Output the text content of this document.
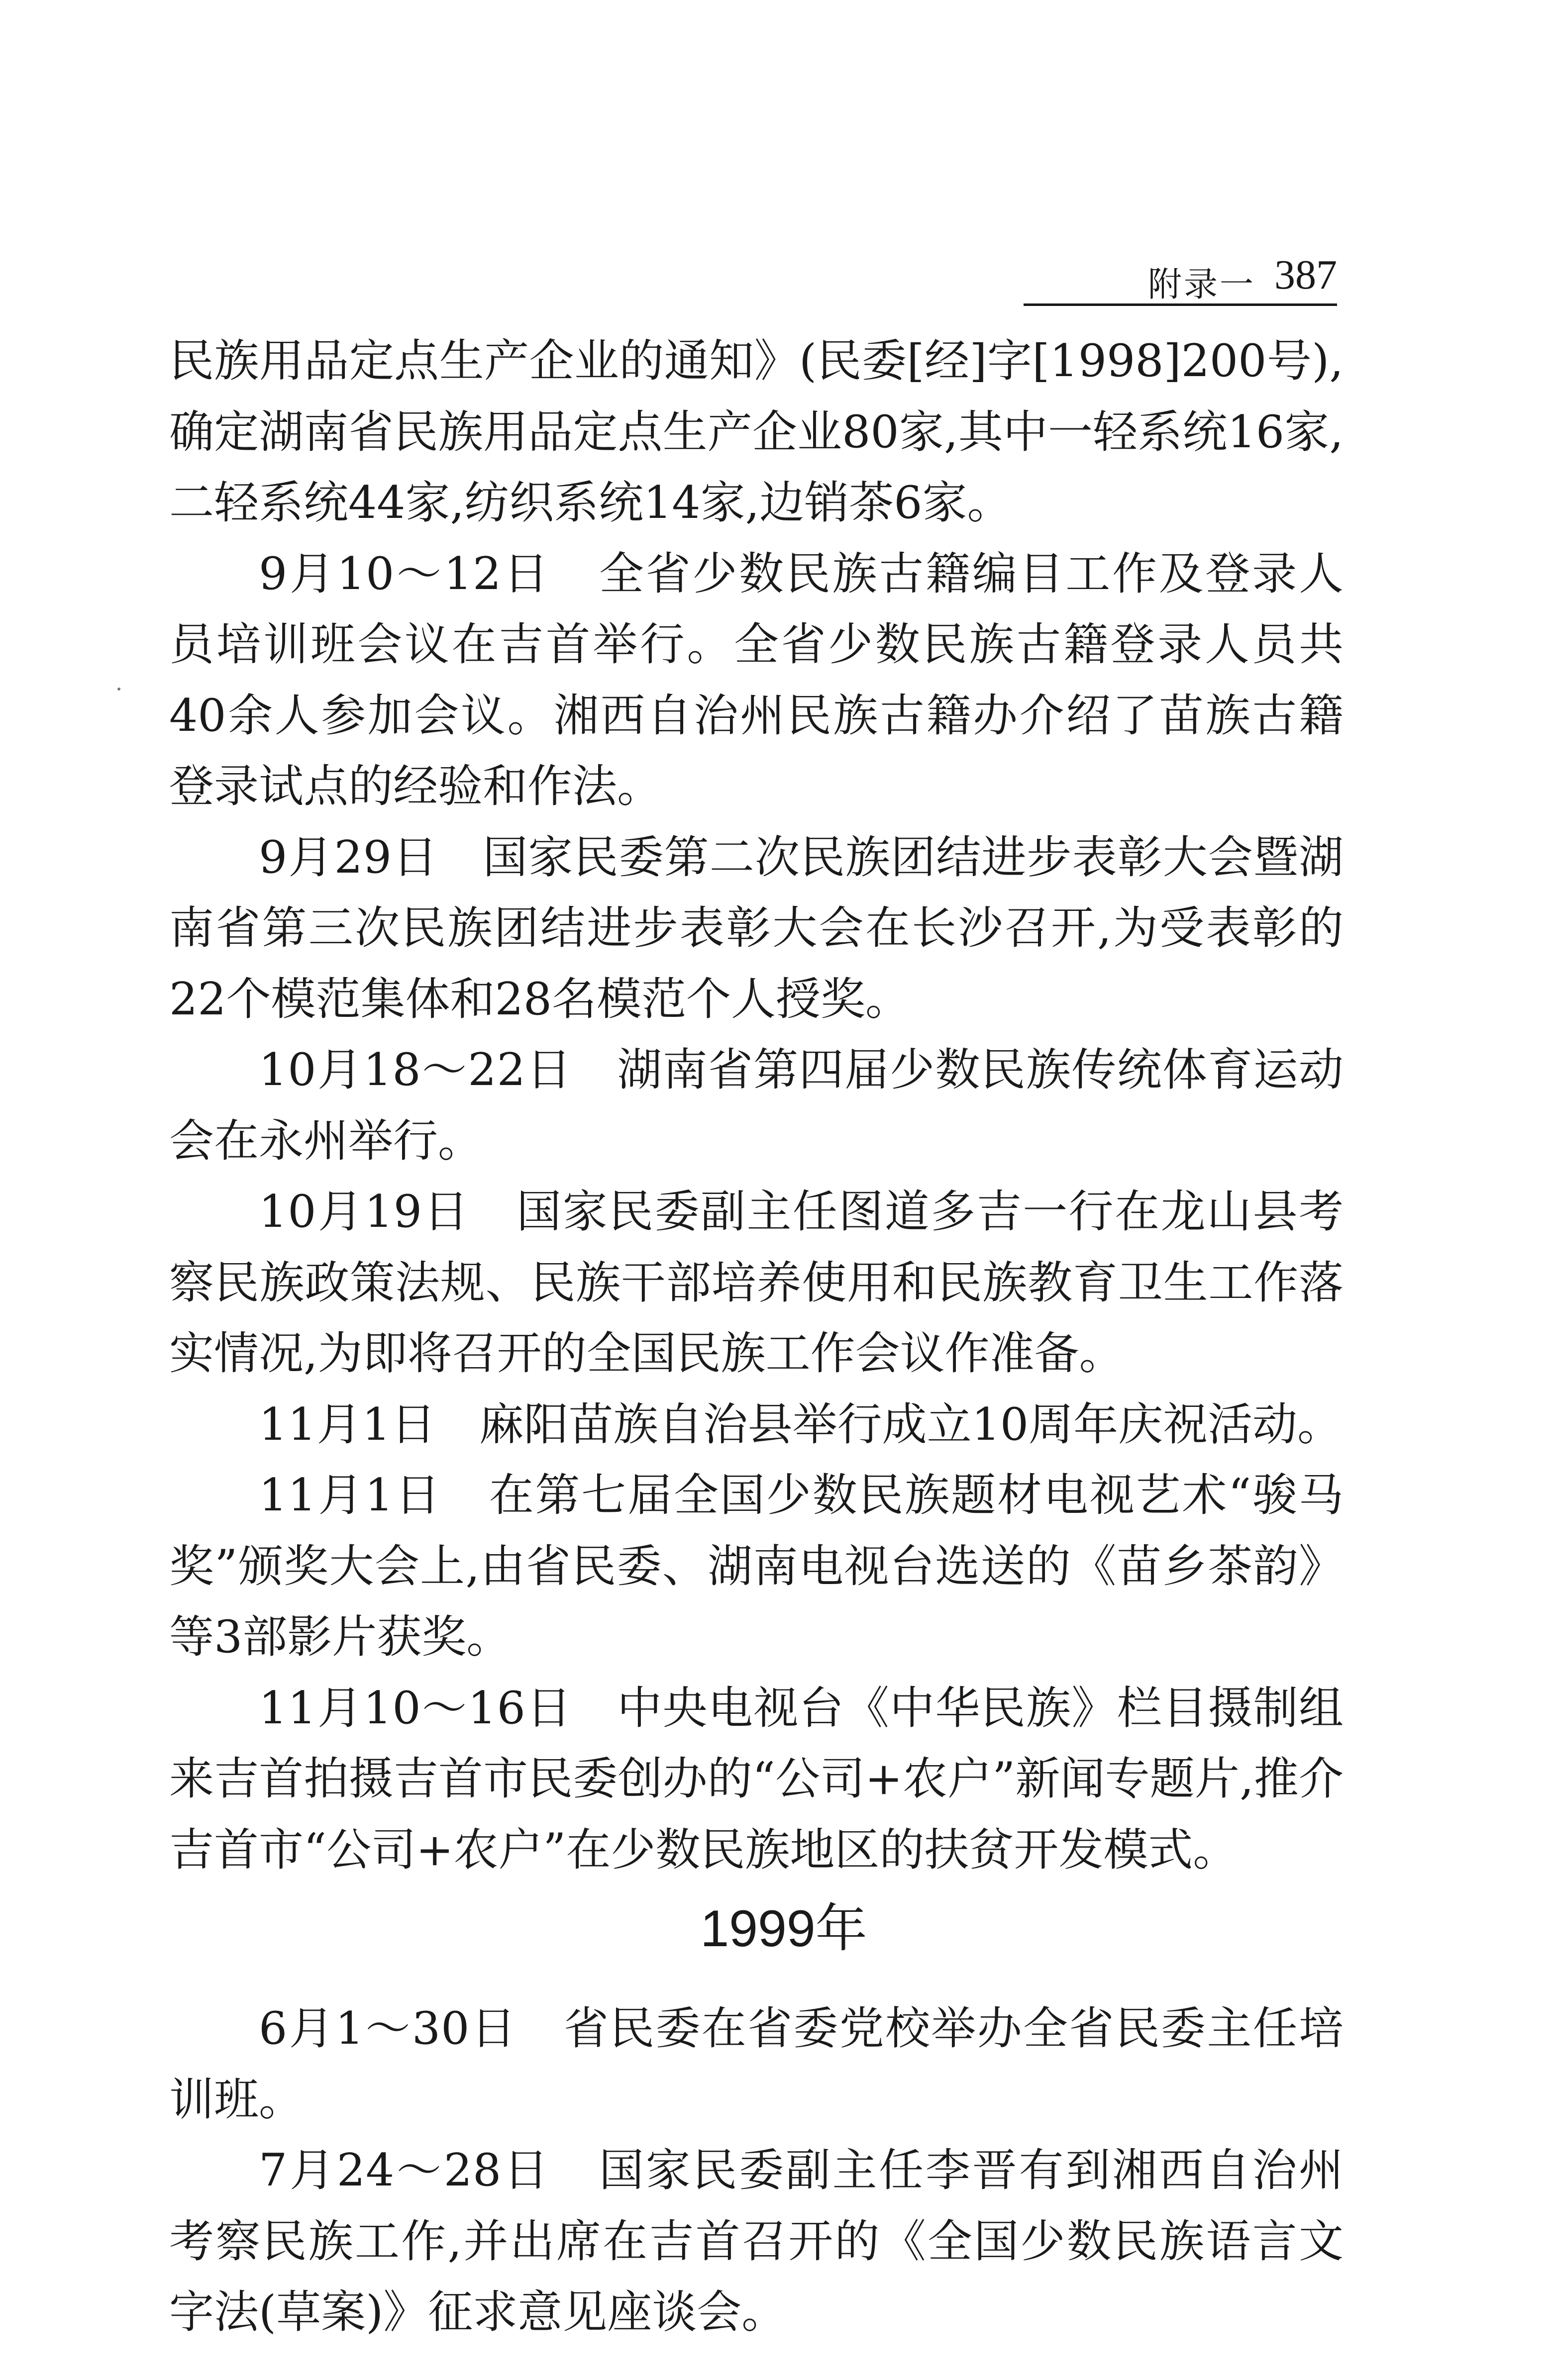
附录一 387

民族用品定点生产企业的通知》(民委[经]字[1998]200号),确定湖南省民族用品定点生产企业80家,其中一轻系统16家,二轻系统44家,纺织系统14家,边销茶6家。

9月10～12日 全省少数民族古籍编目工作及登录人员培训班会议在吉首举行。全省少数民族古籍登录人员共40余人参加会议。湘西自治州民族古籍办介绍了苗族古籍登录试点的经验和作法。

9月29日 国家民委第二次民族团结进步表彰大会暨湖南省第三次民族团结进步表彰大会在长沙召开,为受表彰的22个模范集体和28名模范个人授奖。

10月18～22日 湖南省第四届少数民族传统体育运动会在永州举行。

10月19日 国家民委副主任图道多吉一行在龙山县考察民族政策法规、民族干部培养使用和民族教育卫生工作落实情况,为即将召开的全国民族工作会议作准备。

11月1日 麻阳苗族自治县举行成立10周年庆祝活动。

11月1日 在第七届全国少数民族题材电视艺术“骏马奖”颁奖大会上,由省民委、湖南电视台选送的《苗乡茶韵》等3部影片获奖。

11月10～16日 中央电视台《中华民族》栏目摄制组来吉首拍摄吉首市民委创办的“公司+农户”新闻专题片,推介吉首市“公司+农户”在少数民族地区的扶贫开发模式。

1999年

6月1～30日 省民委在省委党校举办全省民委主任培训班。

7月24～28日 国家民委副主任李晋有到湘西自治州考察民族工作,并出席在吉首召开的《全国少数民族语言文字法(草案)》征求意见座谈会。
